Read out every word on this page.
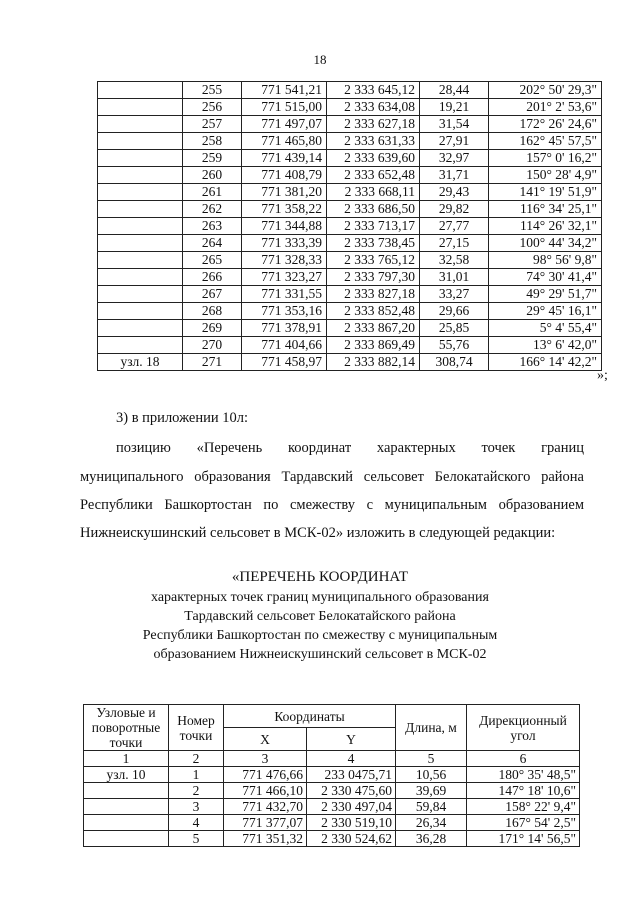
18
	255	771 541,21	2 333 645,12	28,44	202° 50' 29,3"
	256	771 515,00	2 333 634,08	19,21	201° 2' 53,6"
	257	771 497,07	2 333 627,18	31,54	172° 26' 24,6"
	258	771 465,80	2 333 631,33	27,91	162° 45' 57,5"
	259	771 439,14	2 333 639,60	32,97	157° 0' 16,2"
	260	771 408,79	2 333 652,48	31,71	150° 28' 4,9"
	261	771 381,20	2 333 668,11	29,43	141° 19' 51,9"
	262	771 358,22	2 333 686,50	29,82	116° 34' 25,1"
	263	771 344,88	2 333 713,17	27,77	114° 26' 32,1"
	264	771 333,39	2 333 738,45	27,15	100° 44' 34,2"
	265	771 328,33	2 333 765,12	32,58	98° 56' 9,8"
	266	771 323,27	2 333 797,30	31,01	74° 30' 41,4"
	267	771 331,55	2 333 827,18	33,27	49° 29' 51,7"
	268	771 353,16	2 333 852,48	29,66	29° 45' 16,1"
	269	771 378,91	2 333 867,20	25,85	5° 4' 55,4"
	270	771 404,66	2 333 869,49	55,76	13° 6' 42,0"
узл. 18	271	771 458,97	2 333 882,14	308,74	166° 14' 42,2"
»;
3) в приложении 10л:
позицию «Перечень координат характерных точек границ
муниципального образования Тардавский сельсовет Белокатайского района
Республики Башкортостан по смежеству с муниципальным образованием
Нижнеискушинский сельсовет в МСК-02» изложить в следующей редакции:
«ПЕРЕЧЕНЬ КООРДИНАТ
характерных точек границ муниципального образования
Тардавский сельсовет Белокатайского района
Республики Башкортостан по смежеству с муниципальным
образованием Нижнеискушинский сельсовет в МСК-02
Узловые и поворотные точки	Номер точки	Координаты		Длина, м	Дирекционный угол
		X	Y		
1	2	3	4	5	6
узл. 10	1	771 476,66	233 0475,71	10,56	180° 35' 48,5"
	2	771 466,10	2 330 475,60	39,69	147° 18' 10,6"
	3	771 432,70	2 330 497,04	59,84	158° 22' 9,4"
	4	771 377,07	2 330 519,10	26,34	167° 54' 2,5"
	5	771 351,32	2 330 524,62	36,28	171° 14' 56,5"
